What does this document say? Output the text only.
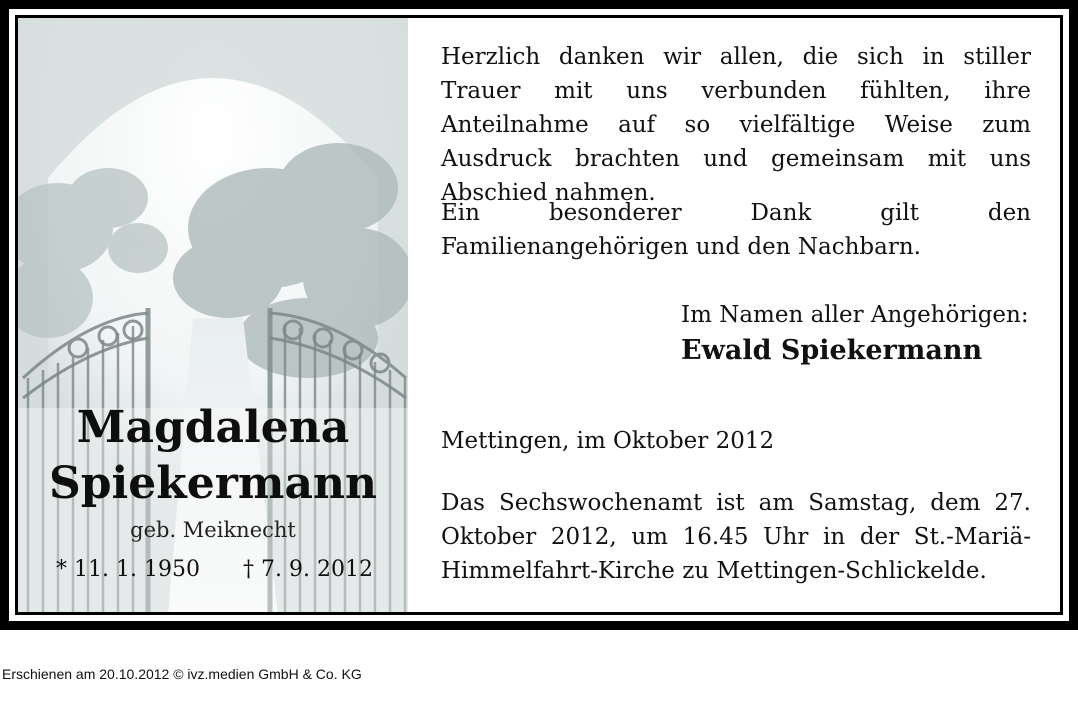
Magdalena
Spiekermann
geb. Meiknecht
* 11. 1. 1950 † 7. 9. 2012
Herzlich danken wir allen, die sich in stiller Trauer mit uns verbunden fühlten, ihre Anteilnahme auf so vielfältige Weise zum Ausdruck brachten und gemeinsam mit uns Abschied nahmen.
Ein besonderer Dank gilt den Familienangehörigen und den Nachbarn.
Im Namen aller Angehörigen:
Ewald Spiekermann
Mettingen, im Oktober 2012
Das Sechswochenamt ist am Samstag, dem 27. Oktober 2012, um 16.45 Uhr in der St.-Mariä-Himmelfahrt-Kirche zu Mettingen-Schlickelde.
Erschienen am 20.10.2012 © ivz.medien GmbH & Co. KG
